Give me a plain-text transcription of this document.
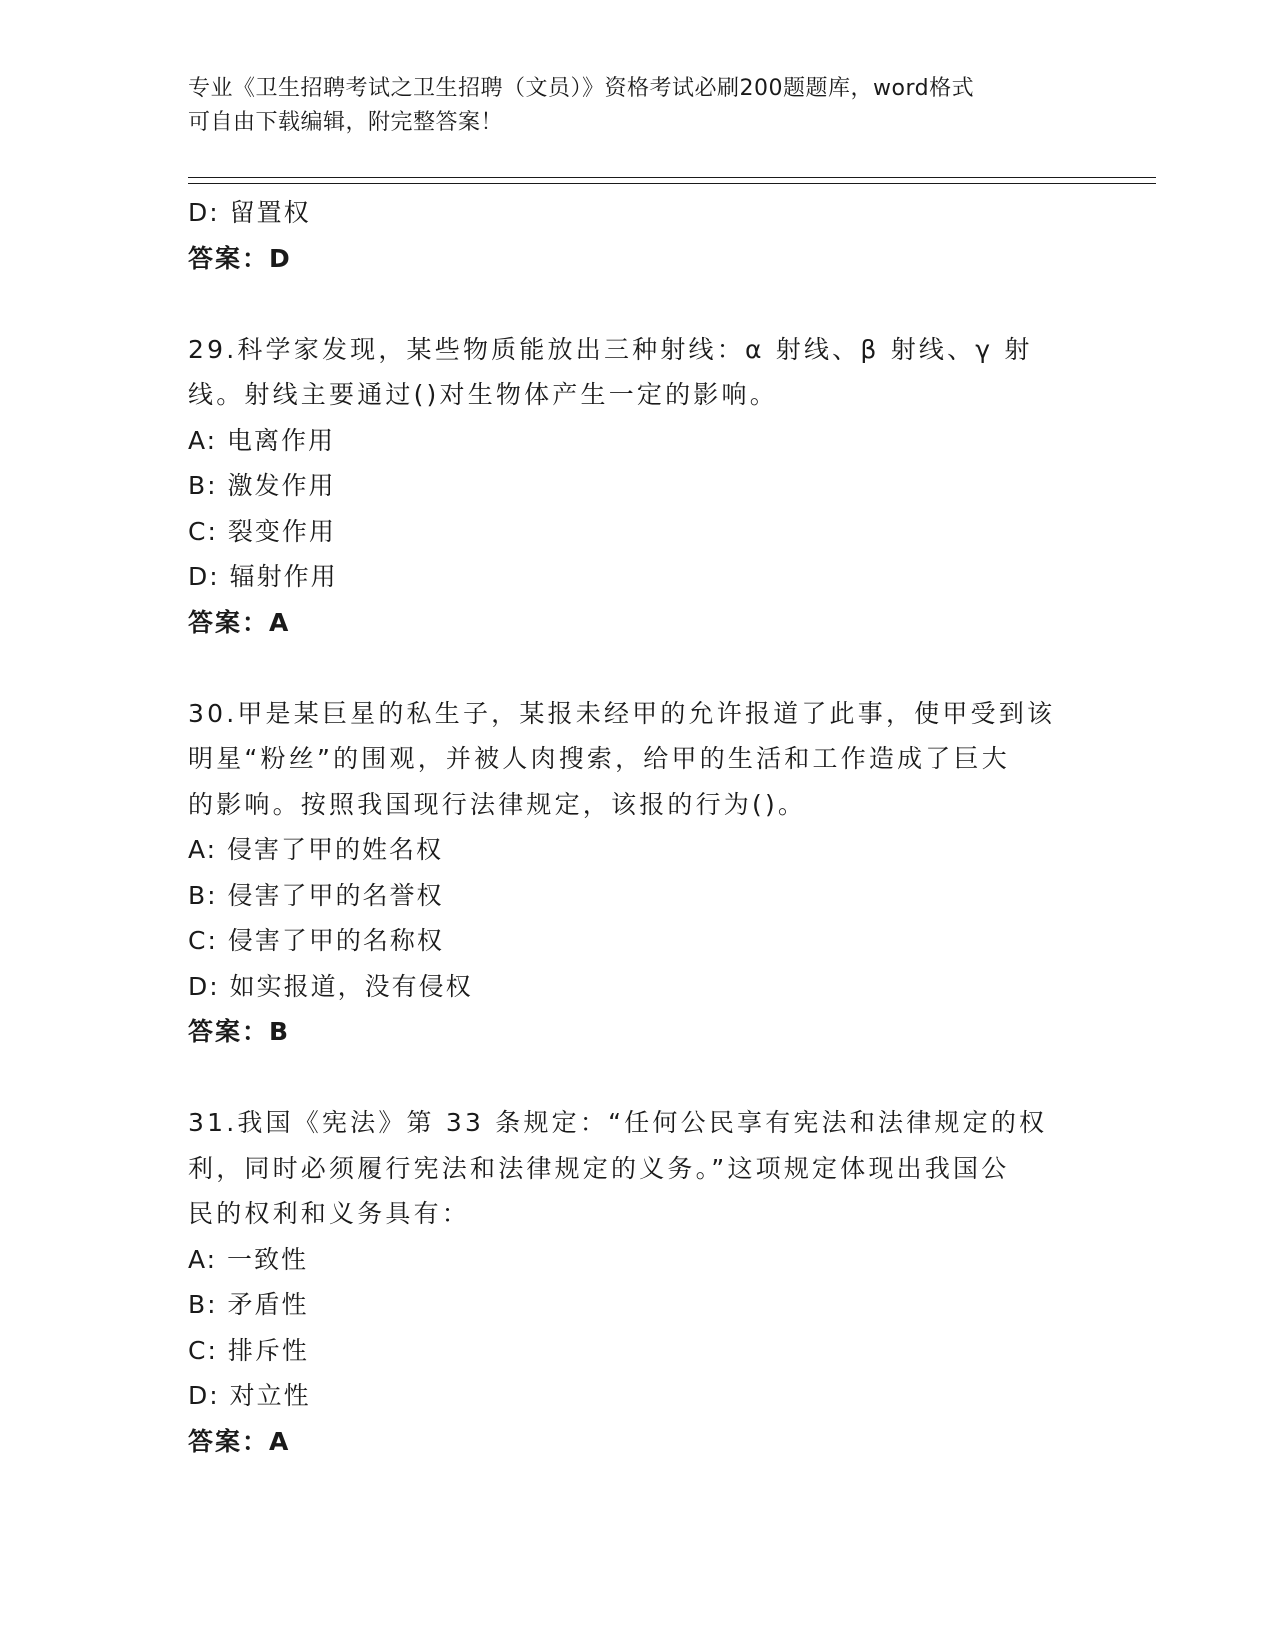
专业《卫生招聘考试之卫生招聘（文员）》资格考试必刷200题题库，word格式
可自由下载编辑，附完整答案！
D: 留置权
答案：D
29.科学家发现，某些物质能放出三种射线：α 射线、β 射线、γ 射
线。射线主要通过()对生物体产生一定的影响。
A: 电离作用
B: 激发作用
C: 裂变作用
D: 辐射作用
答案：A
30.甲是某巨星的私生子，某报未经甲的允许报道了此事，使甲受到该
明星“粉丝”的围观，并被人肉搜索，给甲的生活和工作造成了巨大
的影响。按照我国现行法律规定，该报的行为()。
A: 侵害了甲的姓名权
B: 侵害了甲的名誉权
C: 侵害了甲的名称权
D: 如实报道，没有侵权
答案：B
31.我国《宪法》第 33 条规定：“任何公民享有宪法和法律规定的权
利，同时必须履行宪法和法律规定的义务。”这项规定体现出我国公
民的权利和义务具有：
A: 一致性
B: 矛盾性
C: 排斥性
D: 对立性
答案：A
